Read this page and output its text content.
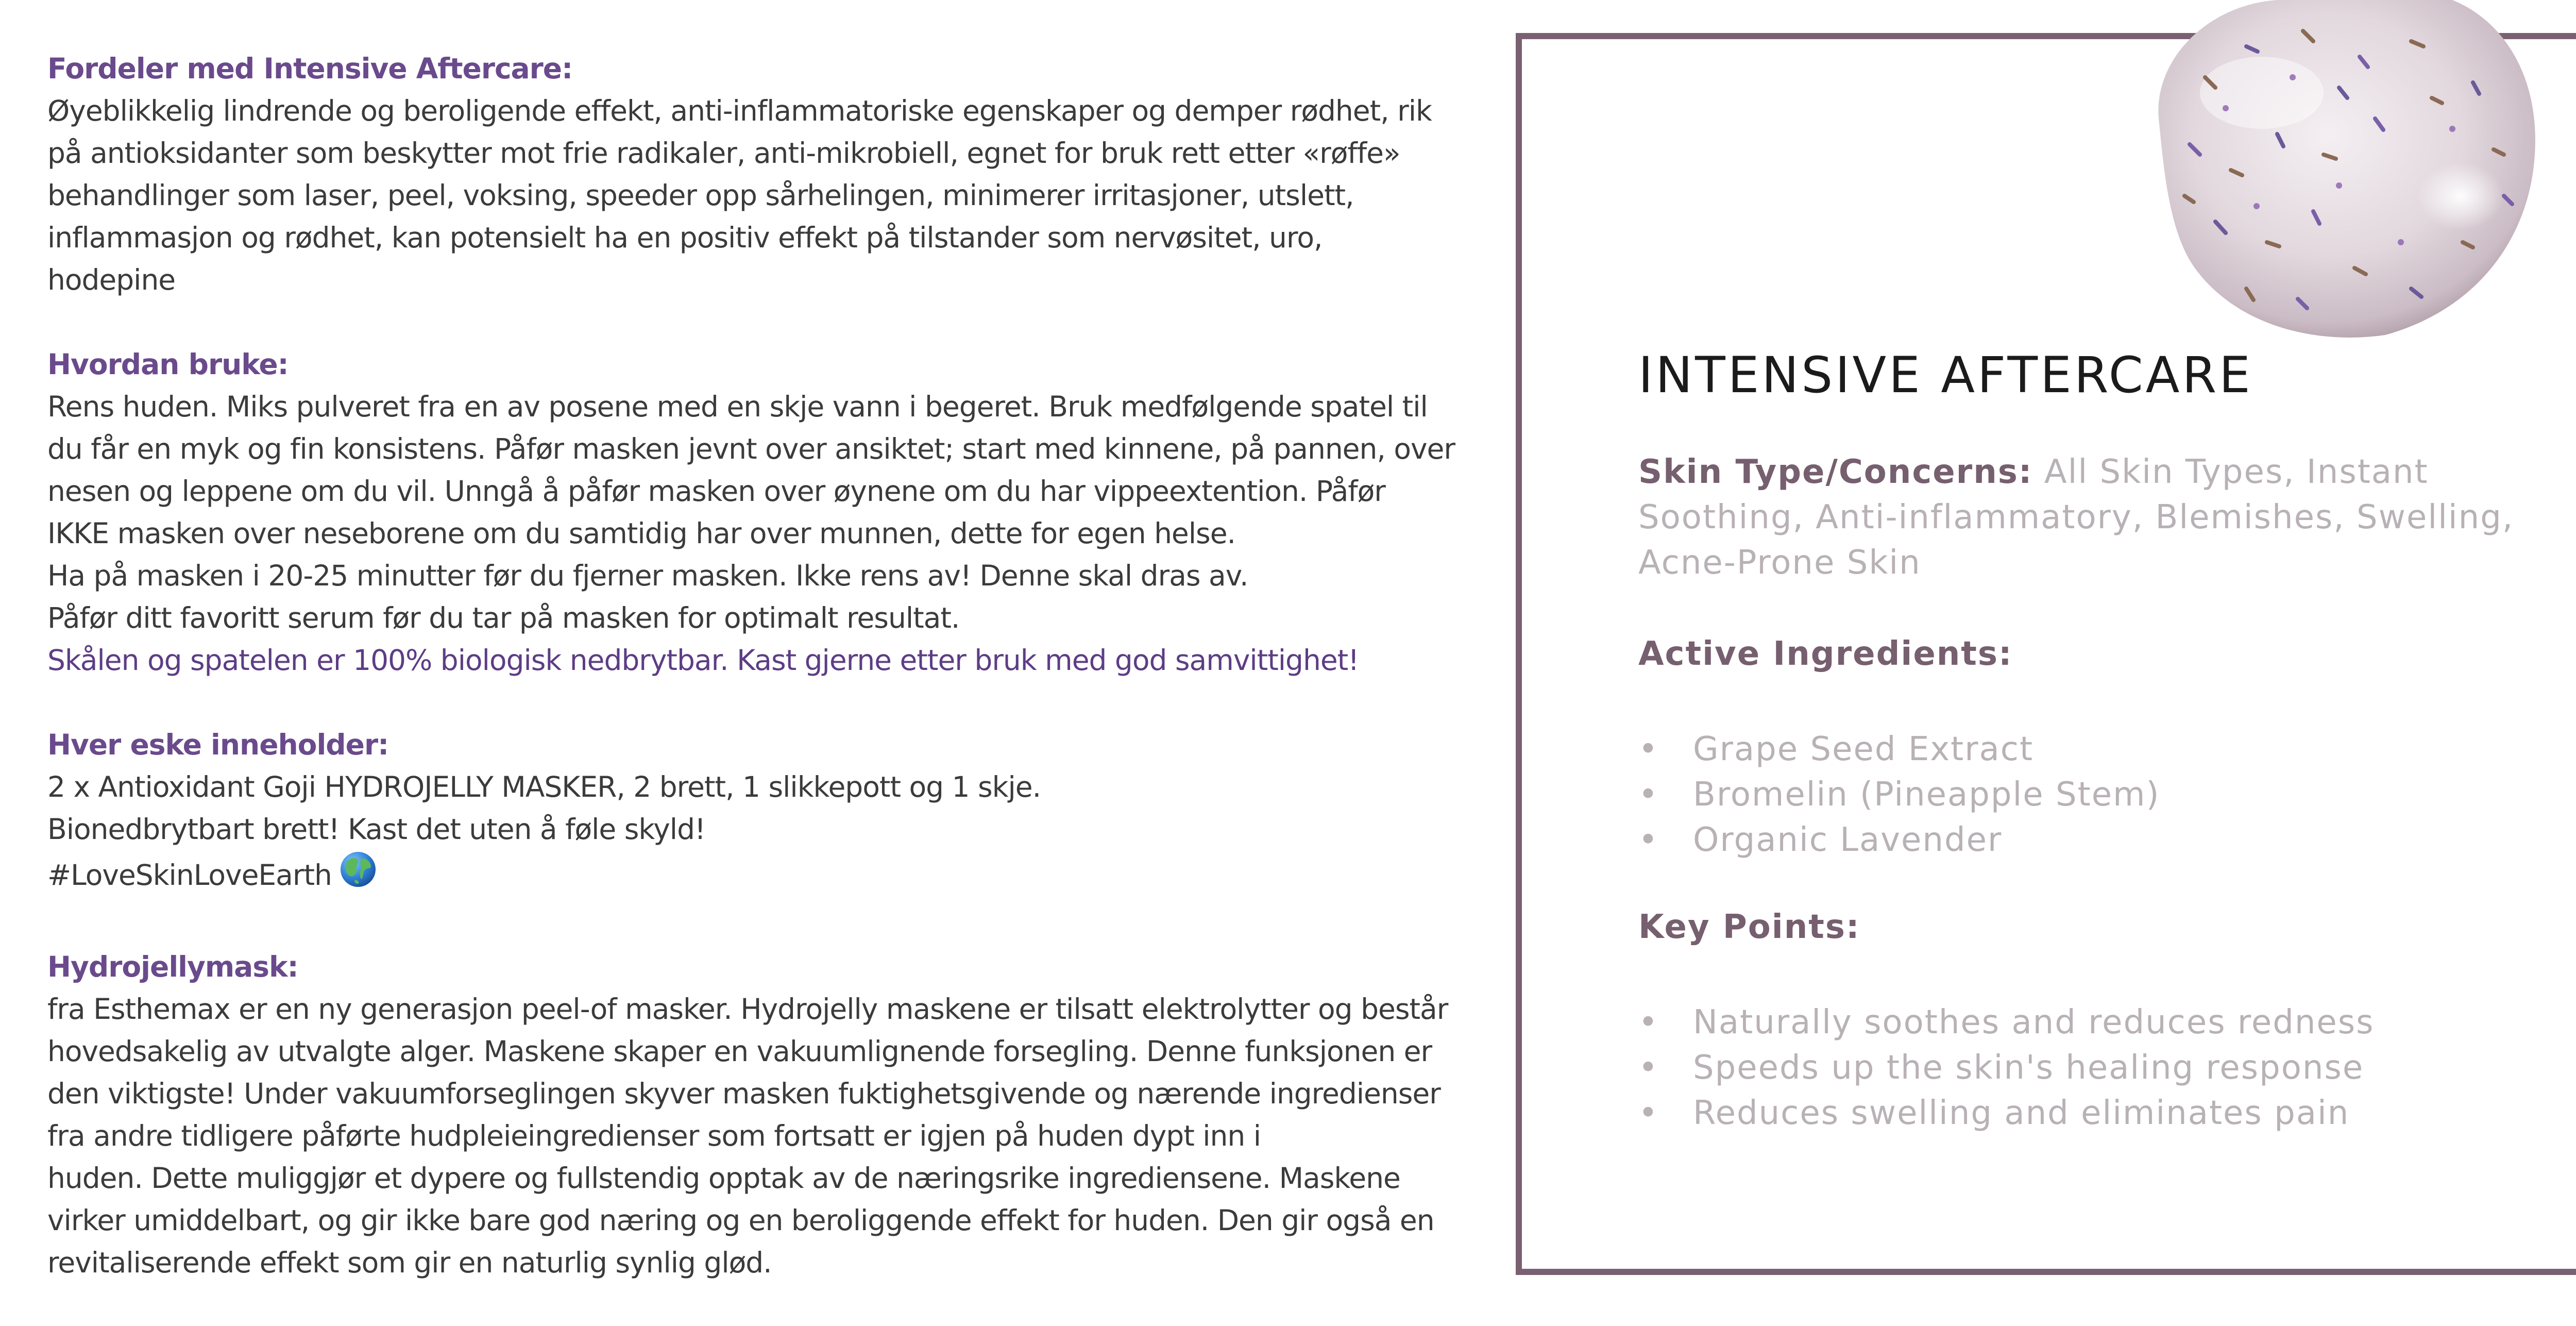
Fordeler med Intensive Aftercare:
Øyeblikkelig lindrende og beroligende effekt, anti-inflammatoriske egenskaper og demper rødhet, rik
på antioksidanter som beskytter mot frie radikaler, anti-mikrobiell, egnet for bruk rett etter «røffe»
behandlinger som laser, peel, voksing, speeder opp sårhelingen, minimerer irritasjoner, utslett,
inflammasjon og rødhet, kan potensielt ha en positiv effekt på tilstander som nervøsitet, uro,
hodepine
Hvordan bruke:
Rens huden. Miks pulveret fra en av posene med en skje vann i begeret. Bruk medfølgende spatel til
du får en myk og fin konsistens. Påfør masken jevnt over ansiktet; start med kinnene, på pannen, over
nesen og leppene om du vil. Unngå å påfør masken over øynene om du har vippeextention. Påfør
IKKE masken over neseborene om du samtidig har over munnen, dette for egen helse.
Ha på masken i 20-25 minutter før du fjerner masken. Ikke rens av! Denne skal dras av.
Påfør ditt favoritt serum før du tar på masken for optimalt resultat.
Skålen og spatelen er 100% biologisk nedbrytbar. Kast gjerne etter bruk med god samvittighet!
Hver eske inneholder:
2 x Antioxidant Goji HYDROJELLY MASKER, 2 brett, 1 slikkepott og 1 skje.
Bionedbrytbart brett! Kast det uten å føle skyld!
#LoveSkinLoveEarth
Hydrojellymask:
fra Esthemax er en ny generasjon peel-of masker. Hydrojelly maskene er tilsatt elektrolytter og består
hovedsakelig av utvalgte alger. Maskene skaper en vakuumlignende forsegling. Denne funksjonen er
den viktigste! Under vakuumforseglingen skyver masken fuktighetsgivende og nærende ingredienser
fra andre tidligere påførte hudpleieingredienser som fortsatt er igjen på huden dypt inn i
huden. Dette muliggjør et dypere og fullstendig opptak av de næringsrike ingrediensene. Maskene
virker umiddelbart, og gir ikke bare god næring og en beroliggende effekt for huden. Den gir også en
revitaliserende effekt som gir en naturlig synlig glød.
INTENSIVE AFTERCARE
Skin Type/Concerns: All Skin Types, Instant
Soothing, Anti-inflammatory, Blemishes, Swelling,
Acne-Prone Skin
Active Ingredients:
• Grape Seed Extract
• Bromelin (Pineapple Stem)
• Organic Lavender
Key Points:
• Naturally soothes and reduces redness
• Speeds up the skin's healing response
• Reduces swelling and eliminates pain
